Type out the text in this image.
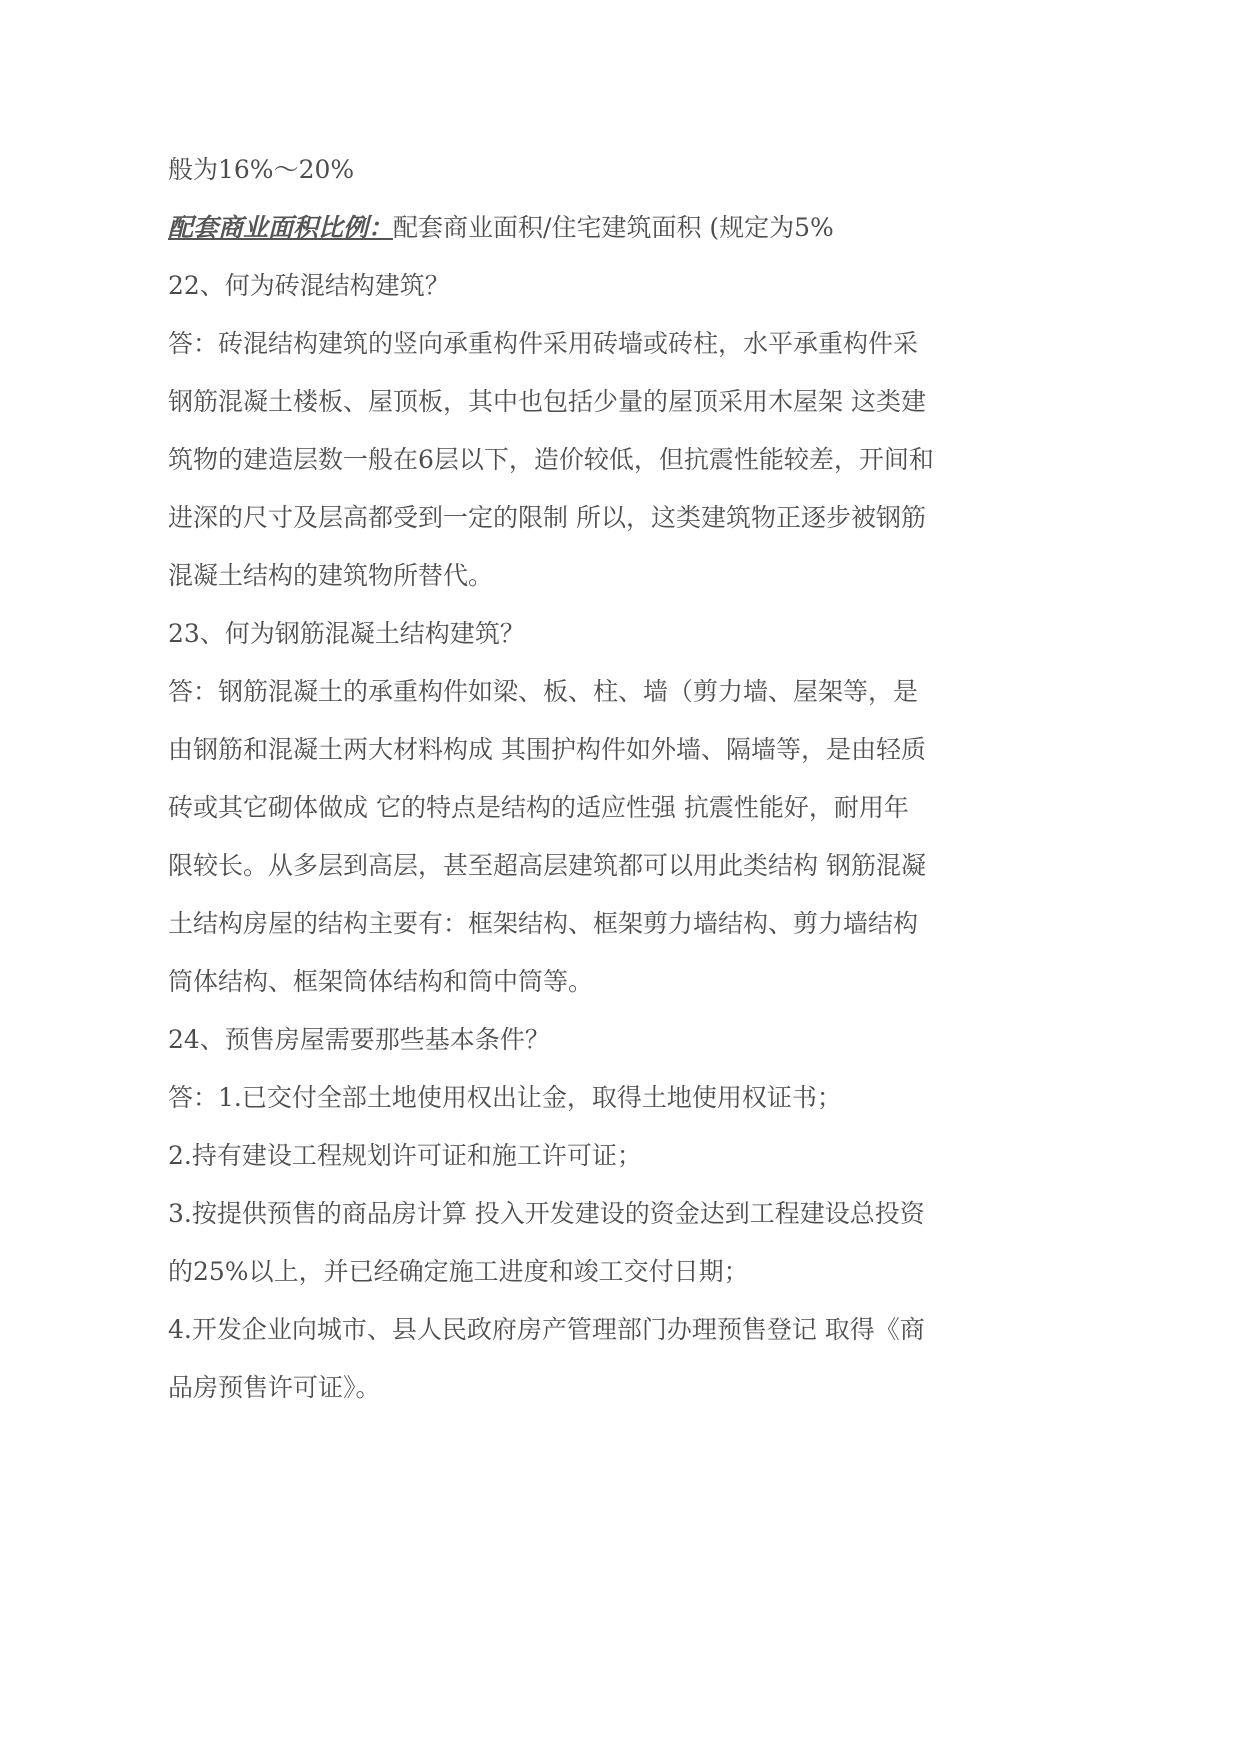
般为16%～20%
配套商业面积比例：配套商业面积/住宅建筑面积 (规定为5%
22、何为砖混结构建筑？
答：砖混结构建筑的竖向承重构件采用砖墙或砖柱，水平承重构件采
钢筋混凝土楼板、屋顶板，其中也包括少量的屋顶采用木屋架 这类建
筑物的建造层数一般在6层以下，造价较低，但抗震性能较差，开间和
进深的尺寸及层高都受到一定的限制 所以，这类建筑物正逐步被钢筋
混凝土结构的建筑物所替代。
23、何为钢筋混凝土结构建筑？
答：钢筋混凝土的承重构件如梁、板、柱、墙（剪力墙、屋架等，是
由钢筋和混凝土两大材料构成 其围护构件如外墙、隔墙等，是由轻质
砖或其它砌体做成 它的特点是结构的适应性强 抗震性能好，耐用年
限较长。从多层到高层，甚至超高层建筑都可以用此类结构 钢筋混凝
土结构房屋的结构主要有：框架结构、框架剪力墙结构、剪力墙结构
筒体结构、框架筒体结构和筒中筒等。
24、预售房屋需要那些基本条件？
答：1.已交付全部土地使用权出让金，取得土地使用权证书；
2.持有建设工程规划许可证和施工许可证；
3.按提供预售的商品房计算 投入开发建设的资金达到工程建设总投资
的25%以上，并已经确定施工进度和竣工交付日期；
4.开发企业向城市、县人民政府房产管理部门办理预售登记 取得《商
品房预售许可证》。
